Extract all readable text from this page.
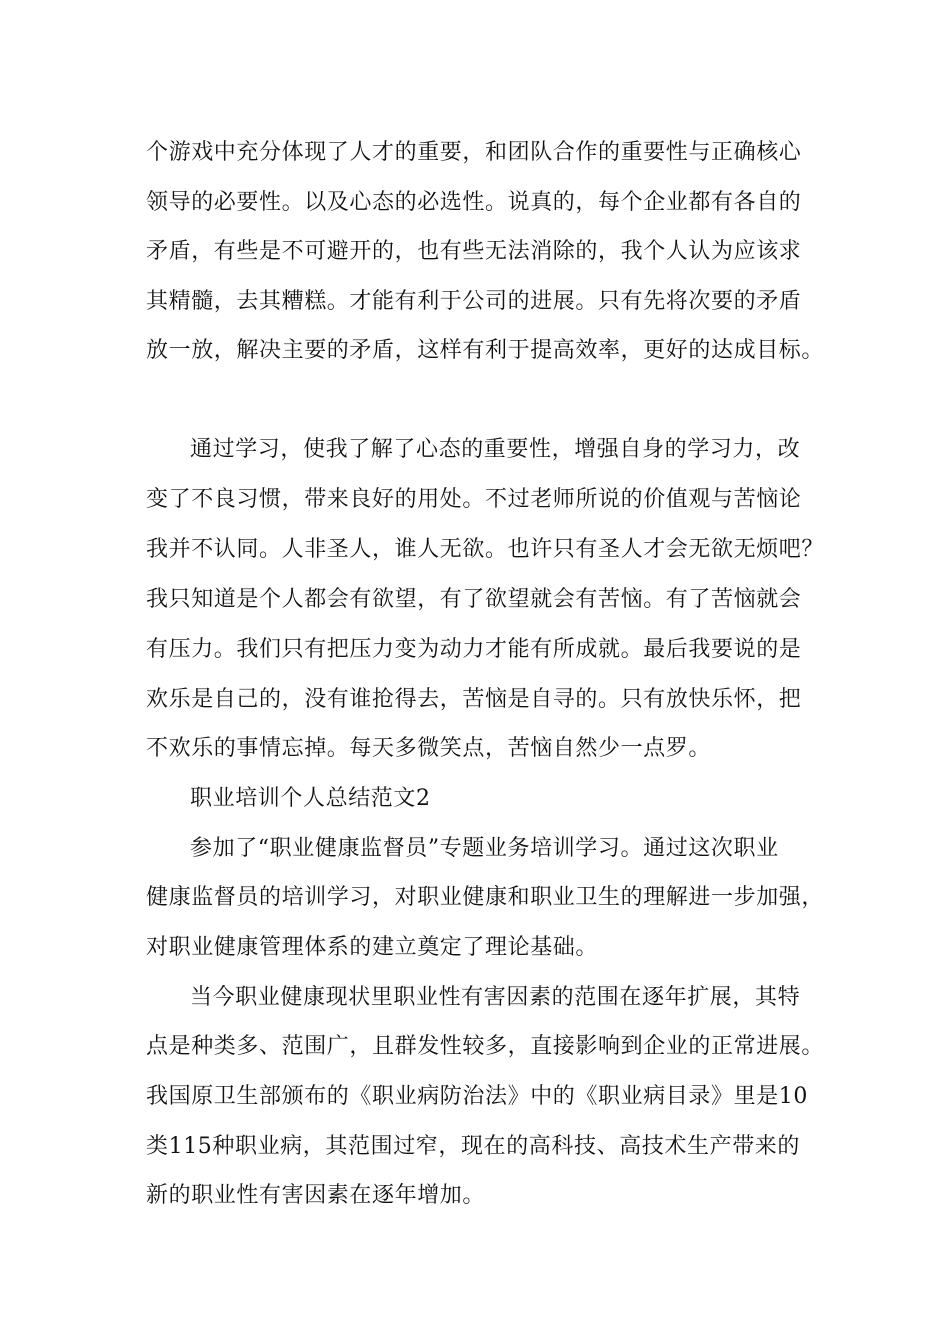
个游戏中充分体现了人才的重要，和团队合作的重要性与正确核心
领导的必要性。以及心态的必选性。说真的，每个企业都有各自的
矛盾，有些是不可避开的，也有些无法消除的，我个人认为应该求
其精髓，去其糟糕。才能有利于公司的进展。只有先将次要的矛盾
放一放，解决主要的矛盾，这样有利于提高效率，更好的达成目标。
通过学习，使我了解了心态的重要性，增强自身的学习力，改
变了不良习惯，带来良好的用处。不过老师所说的价值观与苦恼论
我并不认同。人非圣人，谁人无欲。也许只有圣人才会无欲无烦吧？
我只知道是个人都会有欲望，有了欲望就会有苦恼。有了苦恼就会
有压力。我们只有把压力变为动力才能有所成就。最后我要说的是
欢乐是自己的，没有谁抢得去，苦恼是自寻的。只有放快乐怀，把
不欢乐的事情忘掉。每天多微笑点，苦恼自然少一点罗。
职业培训个人总结范文2
参加了“职业健康监督员”专题业务培训学习。通过这次职业
健康监督员的培训学习，对职业健康和职业卫生的理解进一步加强，
对职业健康管理体系的建立奠定了理论基础。
当今职业健康现状里职业性有害因素的范围在逐年扩展，其特
点是种类多、范围广，且群发性较多，直接影响到企业的正常进展。
我国原卫生部颁布的《职业病防治法》中的《职业病目录》里是10
类115种职业病，其范围过窄，现在的高科技、高技术生产带来的
新的职业性有害因素在逐年增加。
